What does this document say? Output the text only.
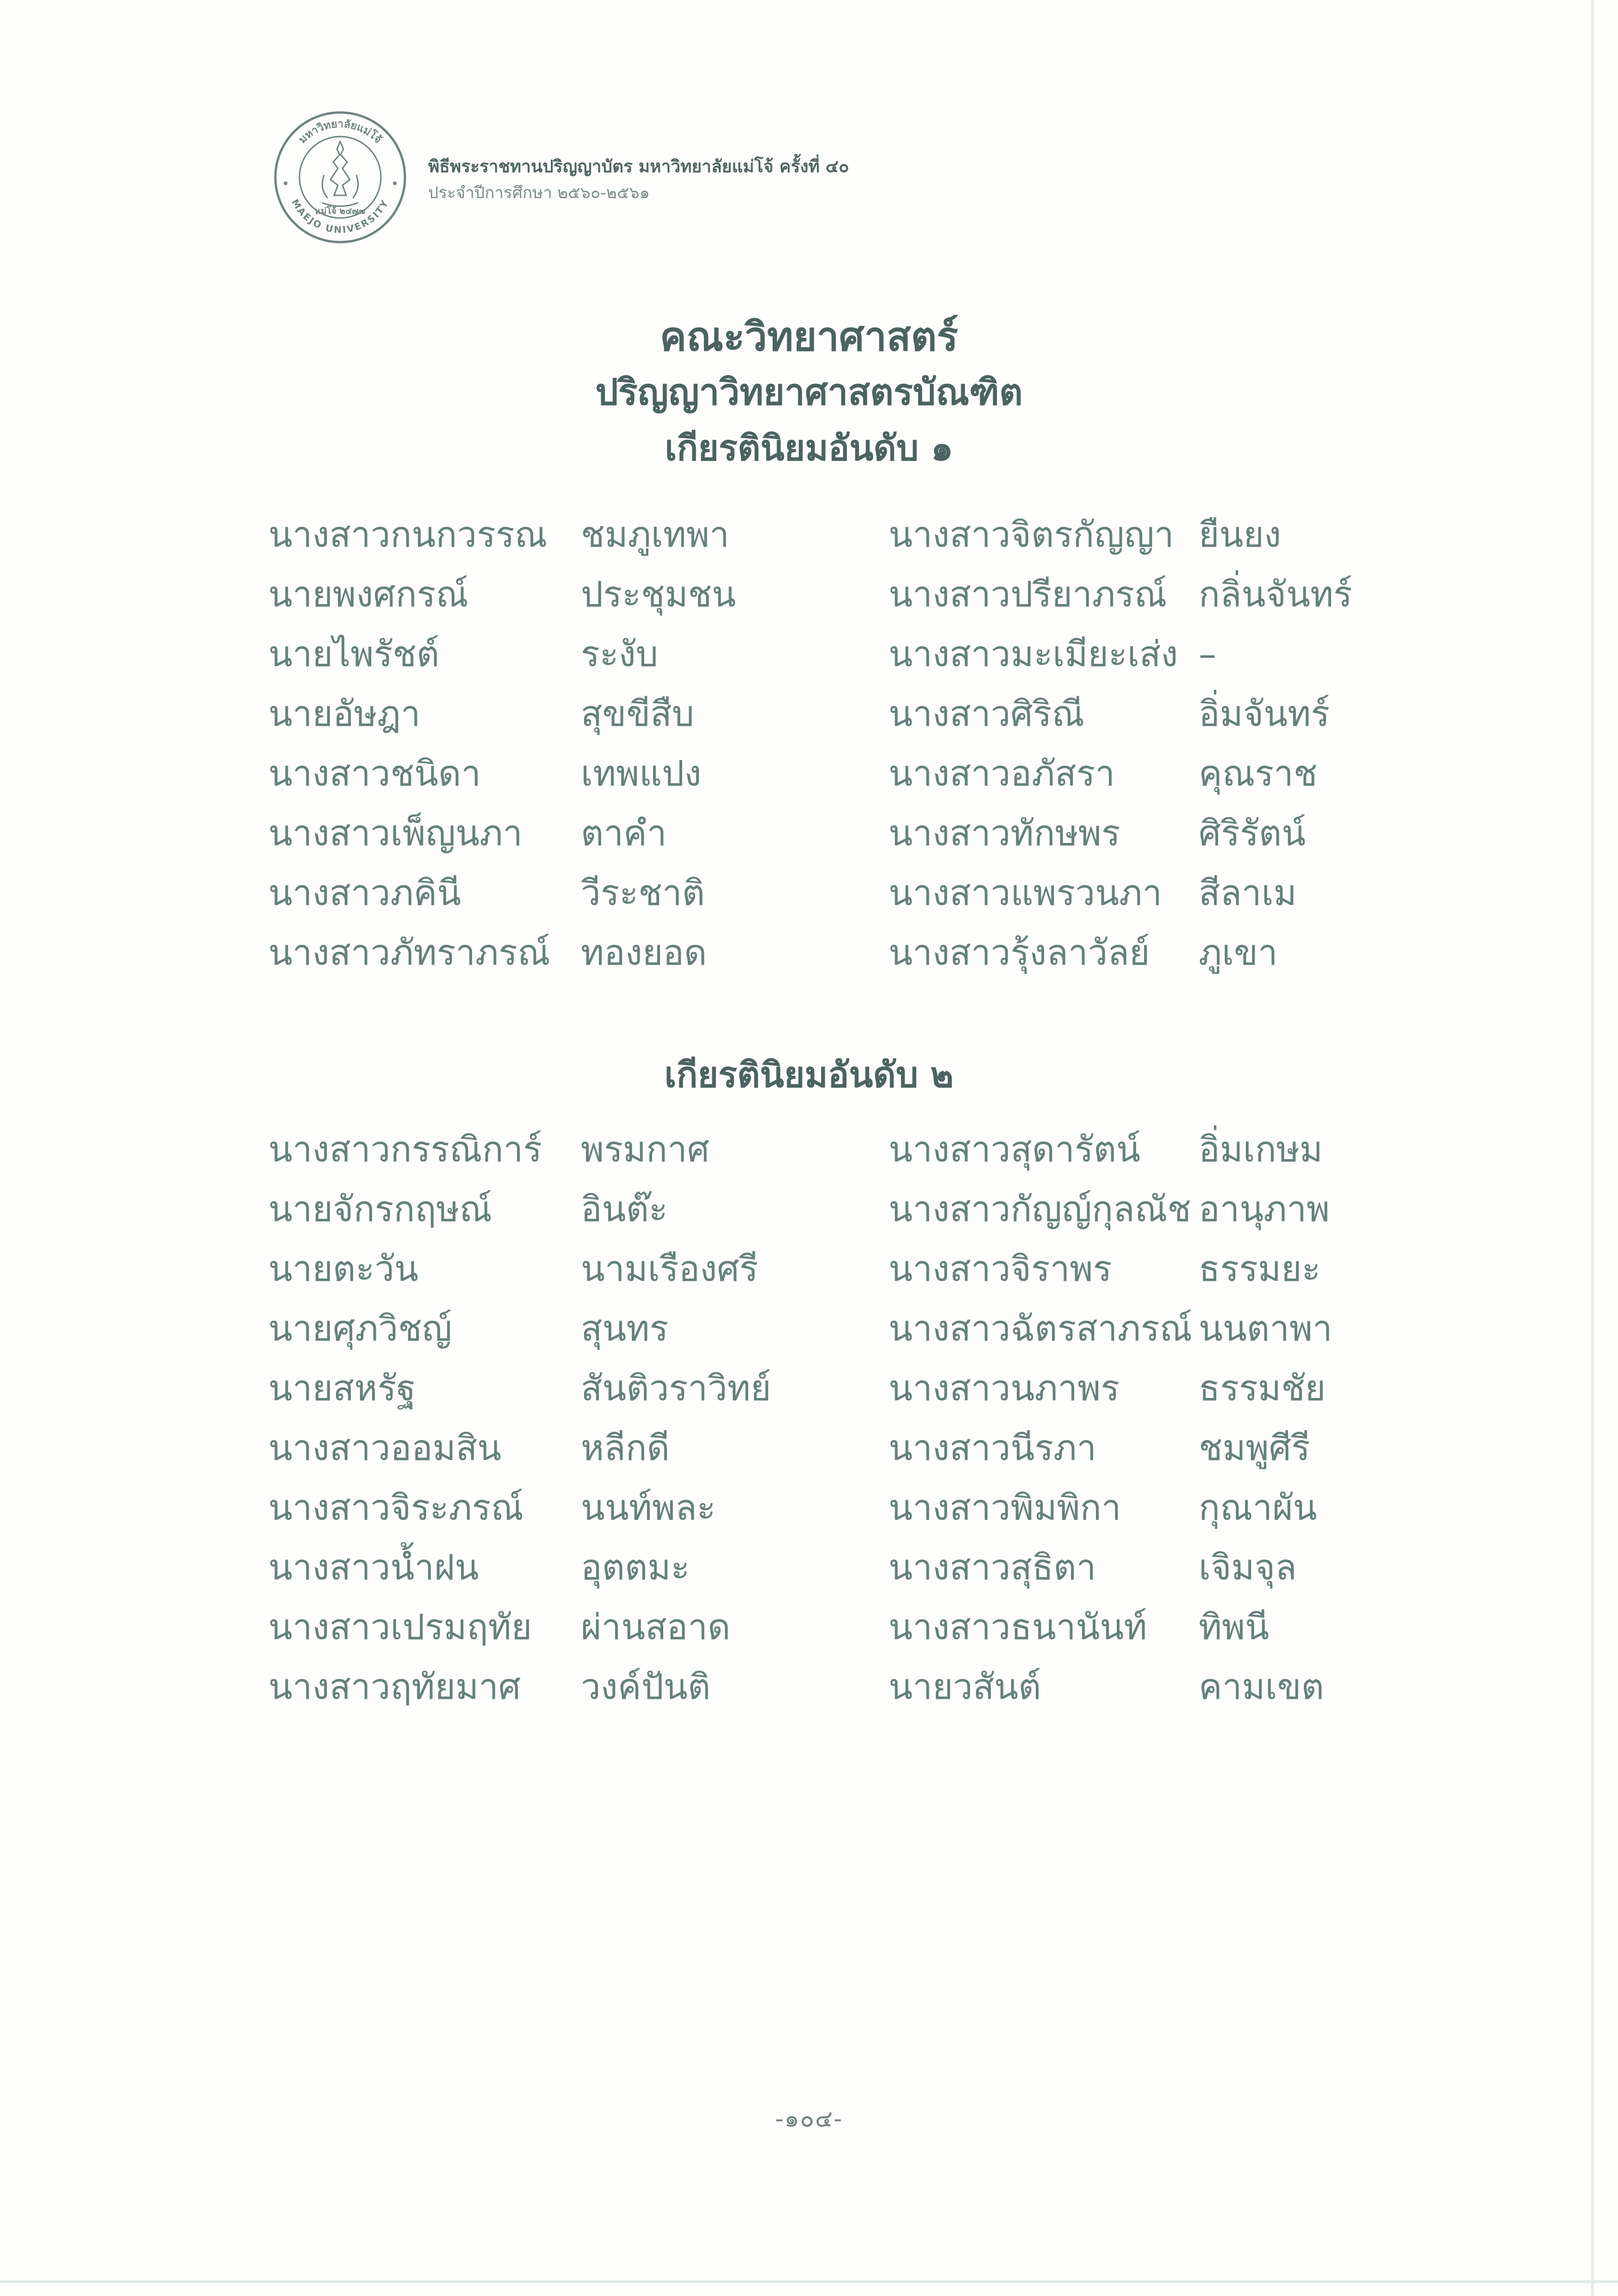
มหาวิทยาลัยแม่โจ้
MAEJO UNIVERSITY
แม่โจ้ ๒๔๗๗
พิธีพระราชทานปริญญาบัตร มหาวิทยาลัยแม่โจ้ ครั้งที่ ๔๐
ประจำปีการศึกษา ๒๕๖๐-๒๕๖๑
คณะวิทยาศาสตร์
ปริญญาวิทยาศาสตรบัณฑิต
เกียรตินิยมอันดับ ๑
นางสาวกนกวรรณ ชมภูเทพา	นางสาวจิตรกัญญา ยืนยง
นายพงศกรณ์	ประชุมชน	นางสาวปรียาภรณ์ กลิ่นจันทร์
นายไพรัชต์	ระงับ	นางสาวมะเมียะเส่ง –
นายอัษฎา	สุขขีสืบ	นางสาวศิริณี	อิ่มจันทร์
นางสาวชนิดา	เทพแปง	นางสาวอภัสรา คุณราช
นางสาวเพ็ญนภา ตาคำ	นางสาวทักษพร ศิริรัตน์
นางสาวภคินี	วีระชาติ	นางสาวแพรวนภา สีลาเม
นางสาวภัทราภรณ์ ทองยอด	นางสาวรุ้งลาวัลย์ ภูเขา
เกียรตินิยมอันดับ ๒
นางสาวกรรณิการ์ พรมกาศ	นางสาวสุดารัตน์ อิ่มเกษม
นายจักรกฤษณ์	อินต๊ะ	นางสาวกัญญ์กุลณัช อานุภาพ
นายตะวัน	นามเรืองศรี	นางสาวจิราพร ธรรมยะ
นายศุภวิชญ์	สุนทร	นางสาวฉัตรสาภรณ์ นนตาพา
นายสหรัฐ	สันติวราวิทย์	นางสาวนภาพร ธรรมชัย
นางสาวออมสิน หลีกดี	นางสาวนีรภา	ชมพูศีรี
นางสาวจิระภรณ์ นนท์พละ	นางสาวพิมพิกา กุณาผัน
นางสาวน้ำฝน	อุตตมะ	นางสาวสุธิตา	เจิมจุล
นางสาวเปรมฤทัย ผ่านสอาด	นางสาวธนานันท์ ทิพนี
นางสาวฤทัยมาศ วงค์ปันติ	นายวสันต์	คามเขต
-๑๐๔-
